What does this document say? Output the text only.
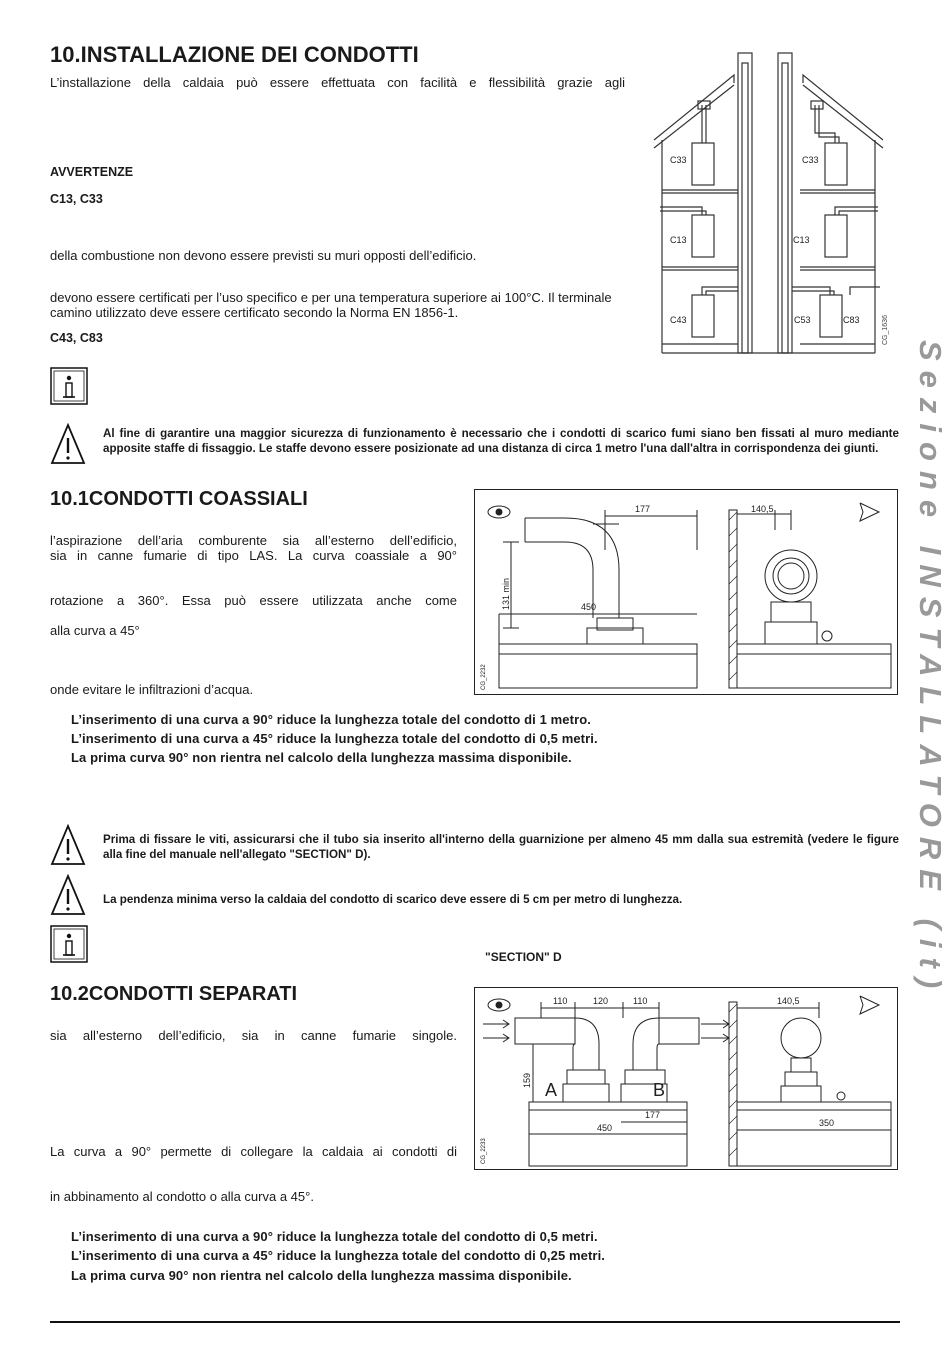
10.INSTALLAZIONE DEI CONDOTTI
L’installazione della caldaia può essere effettuata con facilità e flessibilità grazie agli
AVVERTENZE
C13, C33
della combustione non devono essere previsti su muri opposti dell’edificio.
devono essere certificati per l’uso specifico e per una temperatura superiore ai 100°C. Il terminale camino utilizzato deve essere certificato secondo la Norma EN 1856-1.
C43, C83
Al fine di garantire una maggior sicurezza di funzionamento è necessario che i condotti di scarico fumi siano ben fissati al muro mediante apposite staffe di fissaggio. Le staffe devono essere posizionate ad una distanza di circa 1 metro l'una dall'altra in corrispondenza dei giunti.
C33	C33
C13	C13
C43	C53	C83	CG_1636
10.1CONDOTTI COASSIALI
l’aspirazione dell’aria comburente sia all’esterno dell’edificio,
sia in canne fumarie di tipo LAS. La curva coassiale a 90°
rotazione a 360°. Essa può essere utilizzata anche come
alla curva a 45°
onde evitare le infiltrazioni d’acqua.
177	140,5
131 min	450
CG_2232
L’inserimento di una curva a 90° riduce la lunghezza totale del condotto di 1 metro.
L’inserimento di una curva a 45° riduce la lunghezza totale del condotto di 0,5 metri.
La prima curva 90° non rientra nel calcolo della lunghezza massima disponibile.
Prima di fissare le viti, assicurarsi che il tubo sia inserito all'interno della guarnizione per almeno 45 mm dalla sua estremità (vedere le figure alla fine del manuale nell'allegato "SECTION" D).
La pendenza minima verso la caldaia del condotto di scarico deve essere di 5 cm per metro di lunghezza.
"SECTION" D
10.2CONDOTTI SEPARATI
sia all’esterno dell’edificio, sia in canne fumarie singole.
La curva a 90° permette di collegare la caldaia ai condotti di
in abbinamento al condotto o alla curva a 45°.
110	120	110	140,5
159
177
450	350
A	B
CG_2233
L’inserimento di una curva a 90° riduce la lunghezza totale del condotto di 0,5 metri.
L’inserimento di una curva a 45° riduce la lunghezza totale del condotto di 0,25 metri.
La prima curva 90° non rientra nel calcolo della lunghezza massima disponibile.
Sezione INSTALLATORE (it)
